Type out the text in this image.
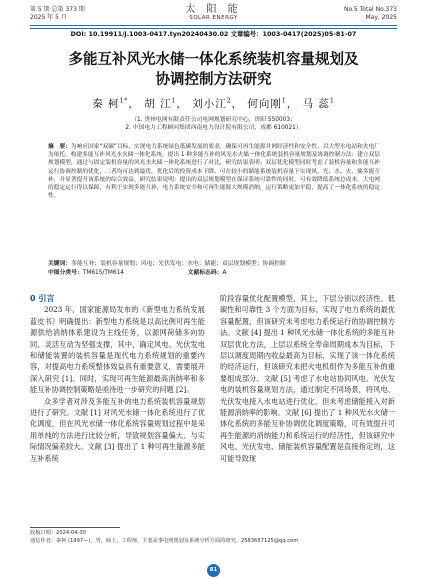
第 5 期 总第 373 期
2025 年 5 月
太 阳 能
SOLAR ENERGY
No.5 Total No.373
May, 2025
DOI: 10.19911/j.1003-0417.tyn20240430.02 文章编号：1003-0417(2025)05-81-07
多能互补风光水储一体化系统装机容量规划及
协调控制方法研究
秦 柯$^{1*}$， 胡 江$^1$， 刘小江$^2$， 何向刚$^1$， 马 蕊$^1$
（1. 贵州电网有限责任公司电网规划研究中心，贵阳 550003；
2. 中国电力工程顾问集团西南电力设计院有限公司，成都 610021）
摘　要：为响应国家“双碳”目标，实现电力系统绿色低碳发展的要求，确保可再生能源并网经济性和安全性，以大型水电站和火电厂为依托，构建多能互补风光水火储一体化系统，提出 1 种多能互补的风光水火储一体化系统装机容量规划及协调控制方法：建立双层规划模型，通过与固定装机容量的风光水火储一体化系统进行了对比，研究结果表明：双层优化模型同时考虑了装机容量和多能互补运行协调控制的优化，二者均可达到最优，优化后的投资成本下降、可在较小的储能系统装机容量下实现风、光、水、火、储多能互补，并显著提升该系统的综合效益。研究结果说明：提出的双层规划模型在保证系统可靠性的同时，可有效降低系统总成本，大电网的稳定运行得以保障，有利于实现多能互补，电力系统安全和可再生能源大规模消纳，运行策略更加平稳，提高了一体化系统的稳定性。
关键词：多能互补；装机容量规划；风电；光伏发电；水电；储能；双层规划模型；协调控制
中图分类号：TM615/TM614	文献标志码：A

0 引言

2023 年，国家能源局发布的《新型电力系统发展蓝皮书》明确提出：新型电力系统是以高比例可再生能源供给消纳体系建设为主线任务，以源网荷储多向协同、灵活互动为坚强支撑，其中，确定风电、光伏发电和储能装置的装机容量是现代电力系统规划的重要内容，对提高电力系统整体效益具有重要意义，需要展开深入研究 [1]。同时，实现可再生能源最高消纳率和多能互补协调控制策略是亟待进一步研究的问题 [2]。

众多学者对涉及多能互补的电力系统装机容量规划进行了研究。文献 [1] 对风光水储一体化系统进行了优化调度，但在风光水储一体化系统容量规划过程中是采用单纯的方法进行比较分析，导致规划容量偏大、与实际情况偏差较大。文献 [3] 提出了 1 种可再生能源多能互补系统

阶段容量优化配置模型，其上、下层分别以经济性、低碳性和可靠性 3 个方面为目标，实现了电力系统的最优容量配置，但该研究未考虑电力系统运行的协调控制方法。文献 [4] 提出 1 种风光水储一体化系统的多能互补双层优化方法，上层以系统全寿命周期成本为目标，下层以调度周期内收益最高为目标，实现了该一体化系统的经济运行，但该研究未把火电机组作为多能互补的重要组成部分。文献 [5] 考虑了水电站协同风电、光伏发电的装机容量规划方法，通过制定不同场景，将风电、光伏发电接入水电站进行优化，但未考虑储能接入对新能源消纳率的影响。文献 [6] 提出了 1 种风光水火储一体化系统的多能互补协调优化调度策略，可有效提升可再生能源的消纳能力和系统运行的经济性，但该研究中风电、光伏发电、储能装机容量配置是直接指定的，这可能导致现

收稿日期：2024-04-30
通信作者：秦柯 (1997—)，男，硕士，工程师，主要从事电网规划及系统分析方面的研究。2583657125@qq.com
81
